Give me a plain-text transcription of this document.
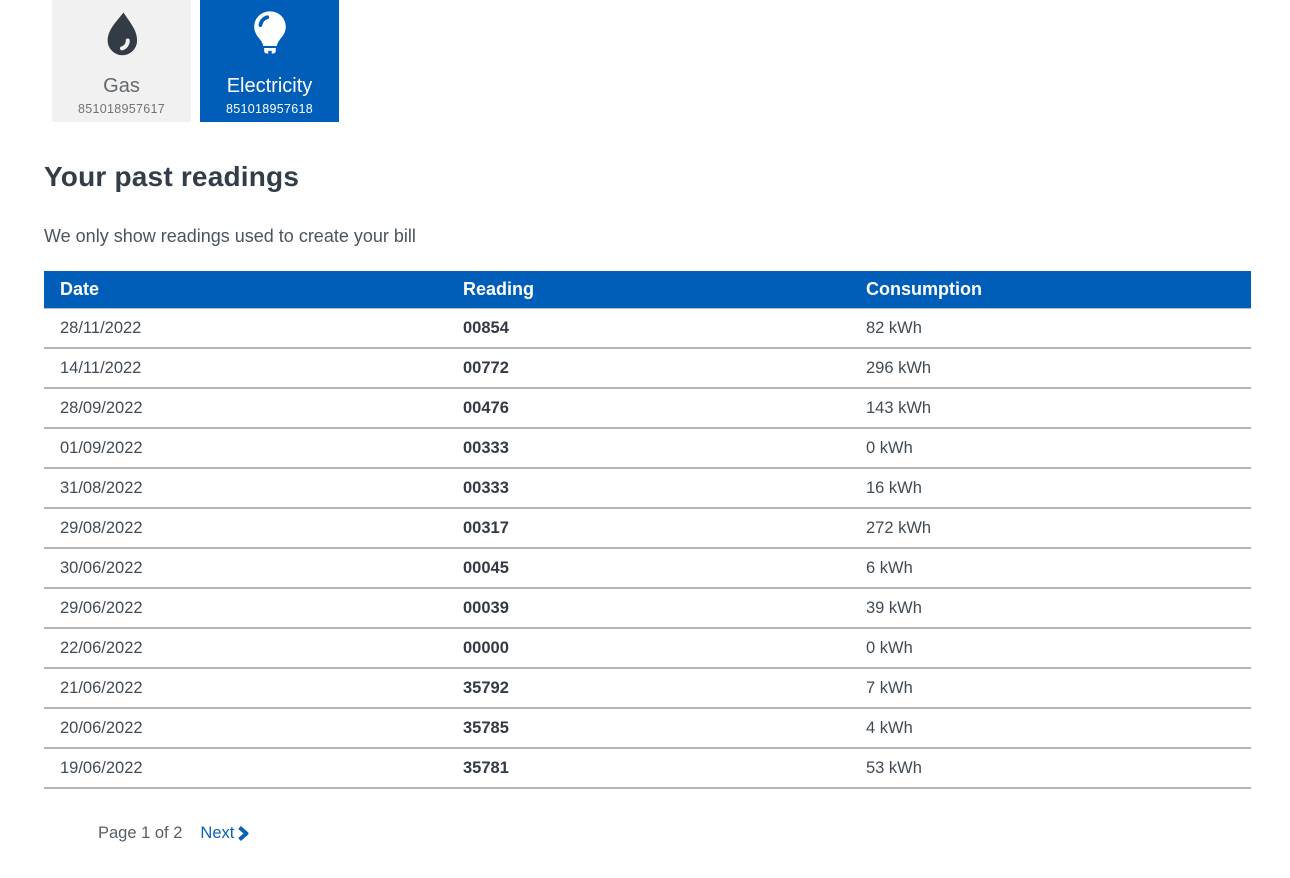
Gas
851018957617
Electricity
851018957618
Your past readings

We only show readings used to create your bill

Date	Reading	Consumption
28/11/2022	00854	82 kWh
14/11/2022	00772	296 kWh
28/09/2022	00476	143 kWh
01/09/2022	00333	0 kWh
31/08/2022	00333	16 kWh
29/08/2022	00317	272 kWh
30/06/2022	00045	6 kWh
29/06/2022	00039	39 kWh
22/06/2022	00000	0 kWh
21/06/2022	35792	7 kWh
20/06/2022	35785	4 kWh
19/06/2022	35781	53 kWh
Page 1 of 2 Next
